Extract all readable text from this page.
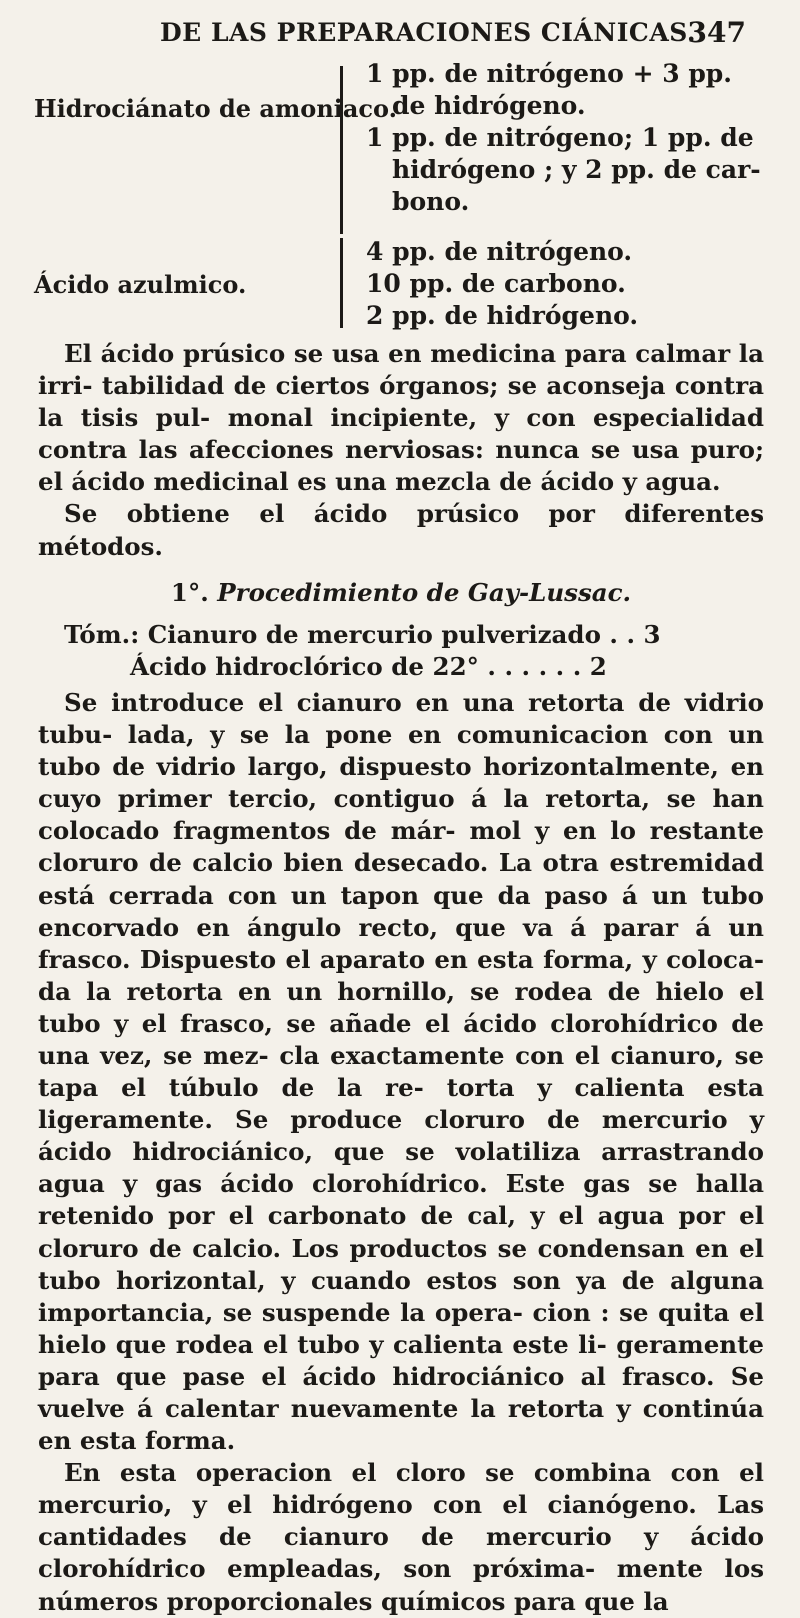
DE LAS PREPARACIONES CIÁNICAS.
347
Hidrociánato de amoniaco.
1 pp. de nitrógeno + 3 pp.
de hidrógeno.
1 pp. de nitrógeno; 1 pp. de
hidrógeno ; y 2 pp. de car-
bono.
Ácido azulmico.
4 pp. de nitrógeno.
10 pp. de carbono.
2 pp. de hidrógeno.

El ácido prúsico se usa en medicina para calmar la irri- tabilidad de ciertos órganos; se aconseja contra la tisis pul- monal incipiente, y con especialidad contra las afecciones nerviosas: nunca se usa puro; el ácido medicinal es una mezcla de ácido y agua.

Se obtiene el ácido prúsico por diferentes métodos.

1°. Procedimiento de Gay-Lussac.

Tóm.: Cianuro de mercurio pulverizado . . 3
Ácido hidroclórico de 22° . . . . . . 2

Se introduce el cianuro en una retorta de vidrio tubu- lada, y se la pone en comunicacion con un tubo de vidrio largo, dispuesto horizontalmente, en cuyo primer tercio, contiguo á la retorta, se han colocado fragmentos de már- mol y en lo restante cloruro de calcio bien desecado. La otra estremidad está cerrada con un tapon que da paso á un tubo encorvado en ángulo recto, que va á parar á un frasco. Dispuesto el aparato en esta forma, y coloca- da la retorta en un hornillo, se rodea de hielo el tubo y el frasco, se añade el ácido clorohídrico de una vez, se mez- cla exactamente con el cianuro, se tapa el túbulo de la re- torta y calienta esta ligeramente. Se produce cloruro de mercurio y ácido hidrociánico, que se volatiliza arrastrando agua y gas ácido clorohídrico. Este gas se halla retenido por el carbonato de cal, y el agua por el cloruro de calcio. Los productos se condensan en el tubo horizontal, y cuando estos son ya de alguna importancia, se suspende la opera- cion : se quita el hielo que rodea el tubo y calienta este li- geramente para que pase el ácido hidrociánico al frasco. Se vuelve á calentar nuevamente la retorta y continúa en esta forma.

En esta operacion el cloro se combina con el mercurio, y el hidrógeno con el cianógeno. Las cantidades de cianuro de mercurio y ácido clorohídrico empleadas, son próxima- mente los números proporcionales químicos para que la
